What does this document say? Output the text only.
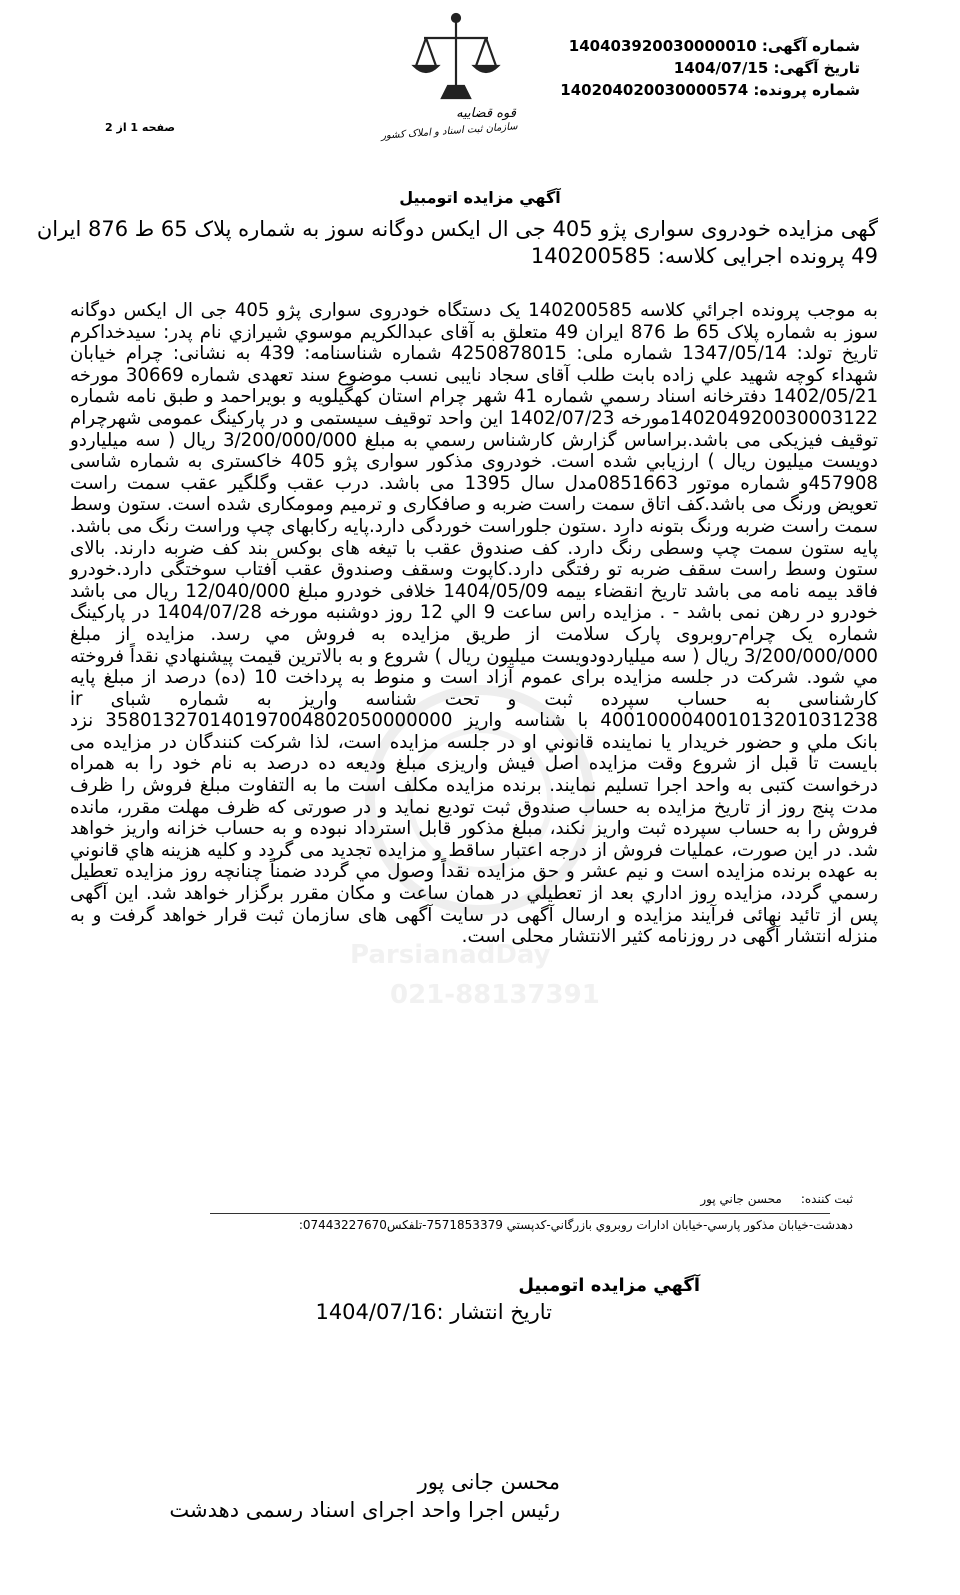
ParsianadDay
021-88137391
شماره آگهی: 140403920030000010
تاریخ آگهی: 1404/07/15
شماره پرونده: 140204020030000574
قوه قضاییه
سازمان ثبت اسناد و املاک کشور
صفحه 1 از 2
آگهي مزايده اتومبيل
گهی مزایده خودروی سواری پژو 405 جی ال ایکس دوگانه سوز به شماره پلاک 65 ط 876 ایران 49 پرونده اجرایی کلاسه: 140200585
به موجب پرونده اجرائي كلاسه 140200585 یک دستگاه خودروی سواری پژو 405 جی ال ایکس دوگانه سوز به شماره پلاک 65 ط 876 ایران 49 متعلق به آقای عبدالكريم موسوي شيرازي نام پدر: سيدخداكرم تاریخ تولد: 1347/05/14 شماره ملی: 4250878015 شماره شناسنامه: 439 به نشانی: چرام خیابان شهداء کوچه شهيد علي زاده بابت طلب آقای سجاد نایبی نسب موضوع سند تعهدی شماره 30669 مورخه 1402/05/21 دفترخانه اسناد رسمي شماره 41 شهر چرام استان کهگیلویه و بویراحمد و طبق نامه شماره 140204920030003122مورخه 1402/07/23 این واحد توقیف سیستمی و در پارکینگ عمومی شهرچرام توقیف فیزیکی می باشد.براساس گزارش کارشناس رسمي به مبلغ 3/200/000/000 ريال ( سه میلیاردو دویست میلیون ریال ) ارزيابي شده است. خودروی مذکور سواری پژو 405 خاکستری به شماره شاسی 457908و شماره موتور 0851663مدل سال 1395 می باشد. درب عقب وگلگیر عقب سمت راست تعویض ورنگ می باشد.کف اتاق سمت راست ضربه و صافکاری و ترمیم ومومکاری شده است. ستون وسط سمت راست ضربه ورنگ بتونه دارد .ستون جلوراست خوردگی دارد.پایه رکابهای چپ وراست رنگ می باشد. پایه ستون سمت چپ وسطی رنگ دارد. کف صندوق عقب با تیغه های بوکس بند کف ضربه دارند. بالای ستون وسط راست سقف ضربه تو رفتگی دارد.کاپوت وسقف وصندوق عقب آفتاب سوختگی دارد.خودرو فاقد بیمه نامه می باشد تاریخ انقضاء بیمه 1404/05/09 خلافی خودرو مبلغ 12/040/000 ریال می باشد خودرو در رهن نمی باشد - . مزایده راس ساعت 9 الي 12 روز دوشنبه مورخه 1404/07/28 در پارکینگ شماره یک چرام-روبروی پارک سلامت از طريق مزايده به فروش مي رسد. مزايده از مبلغ 3/200/000/000 ريال ( سه میلیاردودویست میلیون ریال ) شروع و به بالاترين قيمت پيشنهادي نقداً فروخته مي شود. شرکت در جلسه مزایده برای عموم آزاد است و منوط به پرداخت 10 (ده) درصد از مبلغ پایه کارشناسی به حساب سپرده ثبت و تحت شناسه واریز به شماره شبای ir 400100004001013201031238 با شناسه واریز 358013270140197004802050000000 نزد بانک ملي و حضور خريدار يا نماينده قانوني او در جلسه مزايده است، لذا شرکت کنندگان در مزایده می بایست تا قبل از شروع وقت مزایده اصل فیش واریزی مبلغ ودیعه ده درصد به نام خود را به همراه درخواست کتبی به واحد اجرا تسلیم نمایند. برنده مزایده مکلف است ما به التفاوت مبلغ فروش را ظرف مدت پنج روز از تاریخ مزایده به حساب صندوق ثبت توديع نمايد و در صورتی که ظرف مهلت مقرر، مانده فروش را به حساب سپرده ثبت واریز نکند، مبلغ مذکور قابل استرداد نبوده و به حساب خزانه واریز خواهد شد. در اين صورت، عملیات فروش از درجه اعتبار ساقط و مزایده تجدید می گردد و كليه هزينه هاي قانوني به عهده برنده مزايده است و نیم عشر و حق مزايده نقداً وصول مي گردد ضمناً چنانچه روز مزایده تعطیل رسمي گردد، مزايده روز اداري بعد از تعطيلي در همان ساعت و مكان مقرر برگزار خواهد شد. این آگهی پس از تائید نهائی فرآیند مزایده و ارسال آگهی در سایت آگهی های سازمان ثبت قرار خواهد گرفت و به منزله انتشار آگهی در روزنامه کثیر الانتشار محلی است.
ثبت كننده:     محسن جاني پور
دهدشت-خیابان مذکور پارسي-خيابان ادارات روبروي بازرگاني-کدپستي 7571853379-تلفكس07443227670:
آگهي مزايده اتومبيل
تاریخ انتشار :1404/07/16
محسن جانی پور
رئیس اجرا واحد اجرای اسناد رسمی دهدشت
